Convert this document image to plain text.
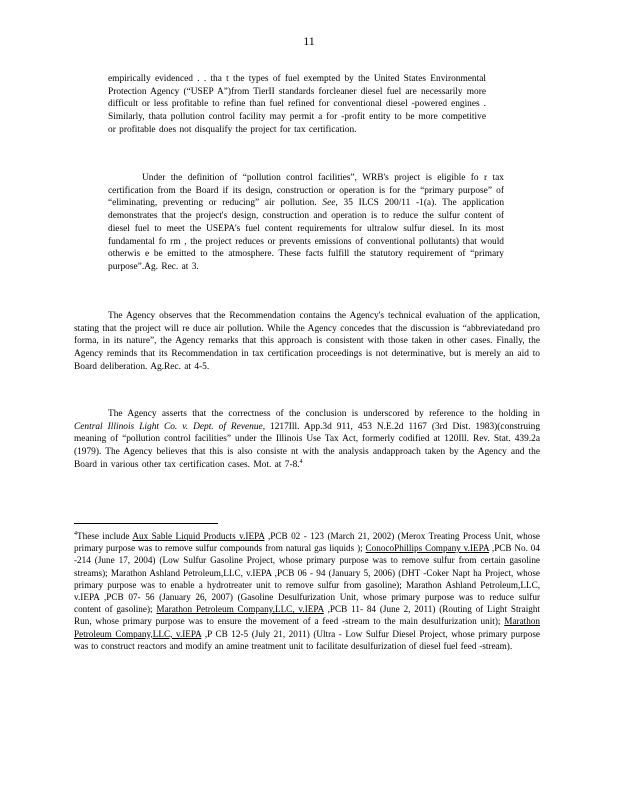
11

empirically evidenced . . tha t the types of fuel exempted by the United States Environmental Protection Agency (“USEP A”)from TierII standards forcleaner diesel fuel are necessarily more difficult or less profitable to refine than fuel refined for conventional diesel -powered engines . Similarly, thata pollution control facility may permit a for -profit entity to be more competitive or profitable does not disqualify the project for tax certification.

Under the definition of “pollution control facilities”, WRB's project is eligible fo r tax certification from the Board if its design, construction or operation is for the “primary purpose” of “eliminating, preventing or reducing” air pollution. See, 35 ILCS 200/11 -1(a). The application demonstrates that the project's design, construction and operation is to reduce the sulfur content of diesel fuel to meet the USEPA's fuel content requirements for ultralow sulfur diesel. In its most fundamental fo rm , the project reduces or prevents emissions of conventional pollutants) that would otherwis e be emitted to the atmosphere. These facts fulfill the statutory requirement of “primary purpose”.Ag. Rec. at 3.

The Agency observes that the Recommendation contains the Agency's technical evaluation of the application, stating that the project will re duce air pollution. While the Agency concedes that the discussion is “abbreviatedand pro forma, in its nature”, the Agency remarks that this approach is consistent with those taken in other cases. Finally, the Agency reminds that its Recommendation in tax certification proceedings is not determinative, but is merely an aid to Board deliberation. Ag.Rec. at 4-5.

The Agency asserts that the correctness of the conclusion is underscored by reference to the holding in Central Illinois Light Co. v. Dept. of Revenue, 1217Ill. App.3d 911, 453 N.E.2d 1167 (3rd Dist. 1983)(construing meaning of “pollution control facilities” under the Illinois Use Tax Act, formerly codified at 120Ill. Rev. Stat. 439.2a (1979). The Agency believes that this is also consiste nt with the analysis andapproach taken by the Agency and the Board in various other tax certification cases. Mot. at 7-8.$^4$

$^4$These include Aux Sable Liquid Products v.IEPA ,PCB 02 - 123 (March 21, 2002) (Merox Treating Process Unit, whose primary purpose was to remove sulfur compounds from natural gas liquids ); ConocoPhillips Company v.IEPA ,PCB No. 04 -214 (June 17, 2004) (Low Sulfur Gasoline Project, whose primary purpose was to remove sulfur from certain gasoline streams); Marathon Ashland Petroleum,LLC, v.IEPA ,PCB 06 - 94 (January 5, 2006) (DHT -Coker Napt ha Project, whose primary purpose was to enable a hydrotreater unit to remove sulfur from gasoline); Marathon Ashland Petroleum,LLC, v.IEPA ,PCB 07- 56 (January 26, 2007) (Gasoline Desulfurization Unit, whose primary purpose was to reduce sulfur content of gasoline); Marathon Petroleum Company,LLC, v.IEPA ,PCB 11- 84 (June 2, 2011) (Routing of Light Straight Run, whose primary purpose was to ensure the movement of a feed -stream to the main desulfurization unit); Marathon Petroleum Company,LLC, v.IEPA ,P CB 12-5 (July 21, 2011) (Ultra - Low Sulfur Diesel Project, whose primary purpose was to construct reactors and modify an amine treatment unit to facilitate desulfurization of diesel fuel feed -stream).
